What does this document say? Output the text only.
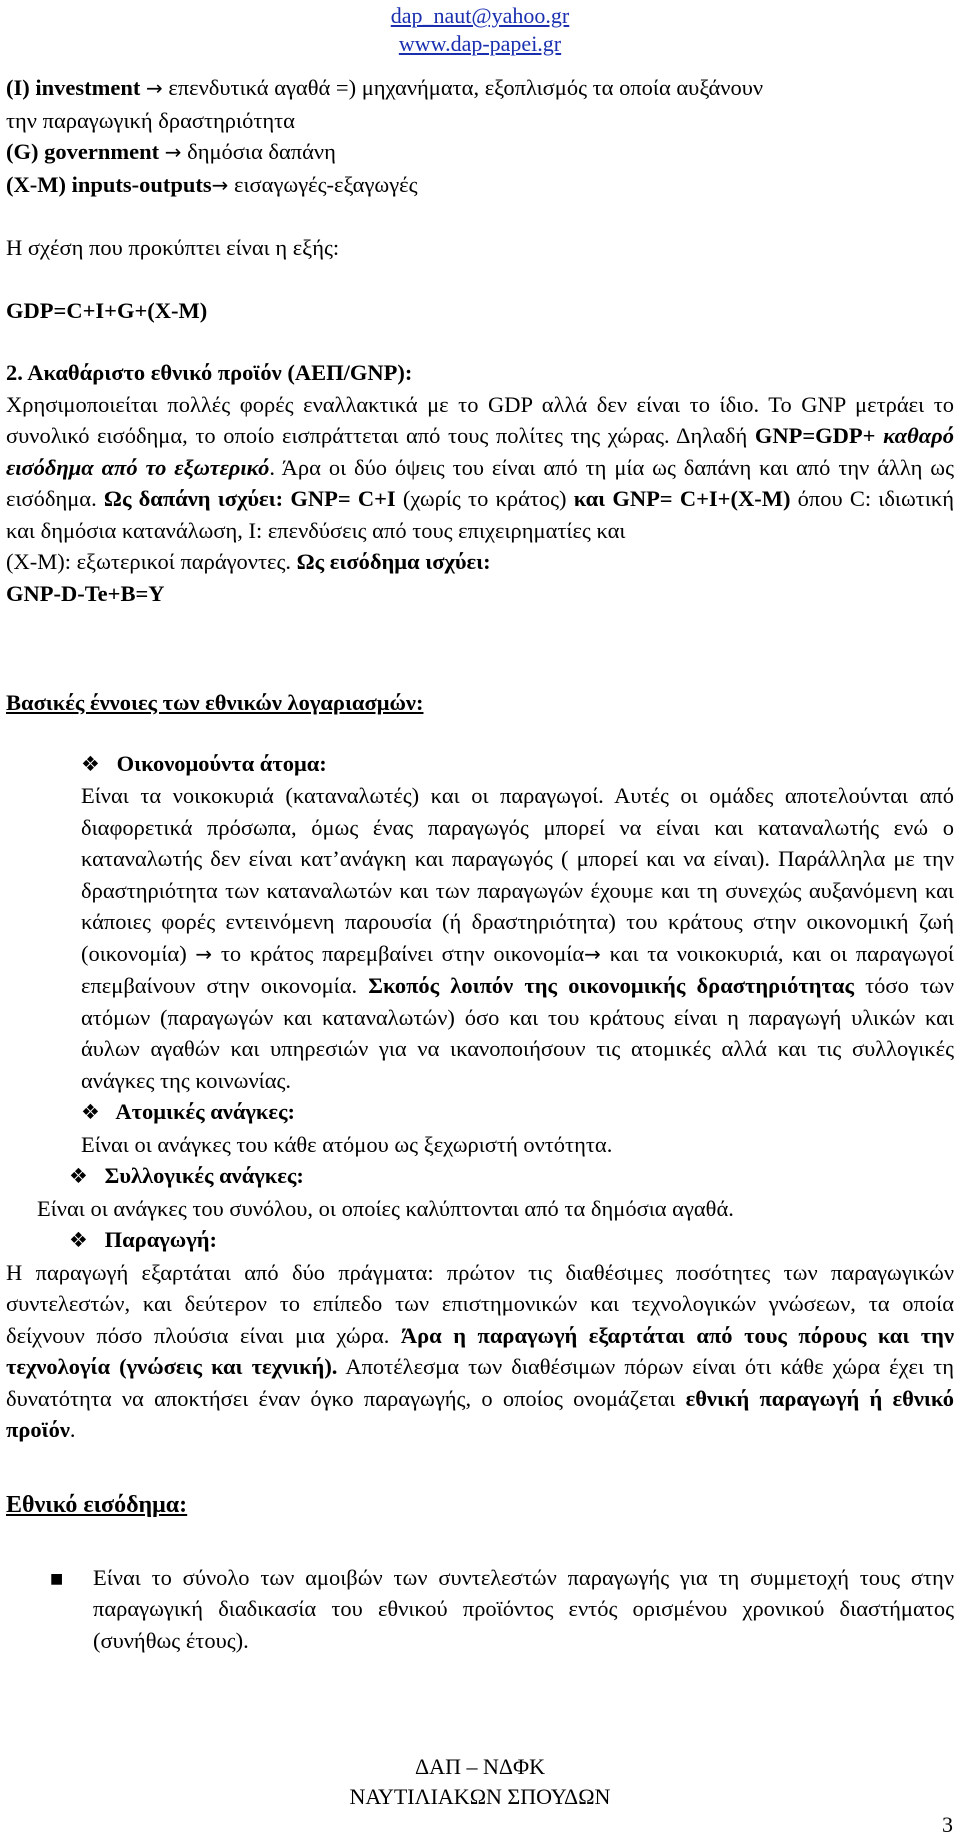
dap_naut@yahoo.gr
www.dap-papei.gr

(I) investment → επενδυτικά αγαθά =) μηχανήματα, εξοπλισμός τα οποία αυξάνουν
την παραγωγική δραστηριότητα

(G) government → δημόσια δαπάνη

(X-M) inputs-outputs→ εισαγωγές-εξαγωγές

Η σχέση που προκύπτει είναι η εξής:

GDP=C+I+G+(X-M)

2. Ακαθάριστο εθνικό προϊόν (ΑΕΠ/GNP):

Χρησιμοποιείται πολλές φορές εναλλακτικά με το GDP αλλά δεν είναι το ίδιο. Το GNP μετράει το συνολικό εισόδημα, το οποίο εισπράττεται από τους πολίτες της χώρας. Δηλαδή GNP=GDP+ καθαρό εισόδημα από το εξωτερικό. Άρα οι δύο όψεις του είναι από τη μία ως δαπάνη και από την άλλη ως εισόδημα. Ως δαπάνη ισχύει: GNP= C+I (χωρίς το κράτος) και GNP= C+I+(X-M) όπου C: ιδιωτική και δημόσια κατανάλωση, I: επενδύσεις από τους επιχειρηματίες και

(X-M): εξωτερικοί παράγοντες. Ως εισόδημα ισχύει:

GNP-D-Te+B=Y

Βασικές έννοιες των εθνικών λογαριασμών:

❖ Οικονομούντα άτομα:

Είναι τα νοικοκυριά (καταναλωτές) και οι παραγωγοί. Αυτές οι ομάδες αποτελούνται από διαφορετικά πρόσωπα, όμως ένας παραγωγός μπορεί να είναι και καταναλωτής ενώ ο καταναλωτής δεν είναι κατ’ανάγκη και παραγωγός ( μπορεί και να είναι). Παράλληλα με την δραστηριότητα των καταναλωτών και των παραγωγών έχουμε και τη συνεχώς αυξανόμενη και κάποιες φορές εντεινόμενη παρουσία (ή δραστηριότητα) του κράτους στην οικονομική ζωή (οικονομία) → το κράτος παρεμβαίνει στην οικονομία→ και τα νοικοκυριά, και οι παραγωγοί επεμβαίνουν στην οικονομία. Σκοπός λοιπόν της οικονομικής δραστηριότητας τόσο των ατόμων (παραγωγών και καταναλωτών) όσο και του κράτους είναι η παραγωγή υλικών και άυλων αγαθών και υπηρεσιών για να ικανοποιήσουν τις ατομικές αλλά και τις συλλογικές ανάγκες της κοινωνίας.

❖ Ατομικές ανάγκες:

Είναι οι ανάγκες του κάθε ατόμου ως ξεχωριστή οντότητα.

❖ Συλλογικές ανάγκες:

Είναι οι ανάγκες του συνόλου, οι οποίες καλύπτονται από τα δημόσια αγαθά.

❖ Παραγωγή:

Η παραγωγή εξαρτάται από δύο πράγματα: πρώτον τις διαθέσιμες ποσότητες των παραγωγικών συντελεστών, και δεύτερον το επίπεδο των επιστημονικών και τεχνολογικών γνώσεων, τα οποία δείχνουν πόσο πλούσια είναι μια χώρα. Άρα η παραγωγή εξαρτάται από τους πόρους και την τεχνολογία (γνώσεις και τεχνική). Αποτέλεσμα των διαθέσιμων πόρων είναι ότι κάθε χώρα έχει τη δυνατότητα να αποκτήσει έναν όγκο παραγωγής, ο οποίος ονομάζεται εθνική παραγωγή ή εθνικό προϊόν.

Εθνικό εισόδημα:

■	Είναι το σύνολο των αμοιβών των συντελεστών παραγωγής για τη συμμετοχή τους στην παραγωγική διαδικασία του εθνικού προϊόντος εντός ορισμένου χρονικού διαστήματος (συνήθως έτους).
ΔΑΠ – ΝΔΦΚ
ΝΑΥΤΙΛΙΑΚΩΝ ΣΠΟΥΔΩΝ
3
